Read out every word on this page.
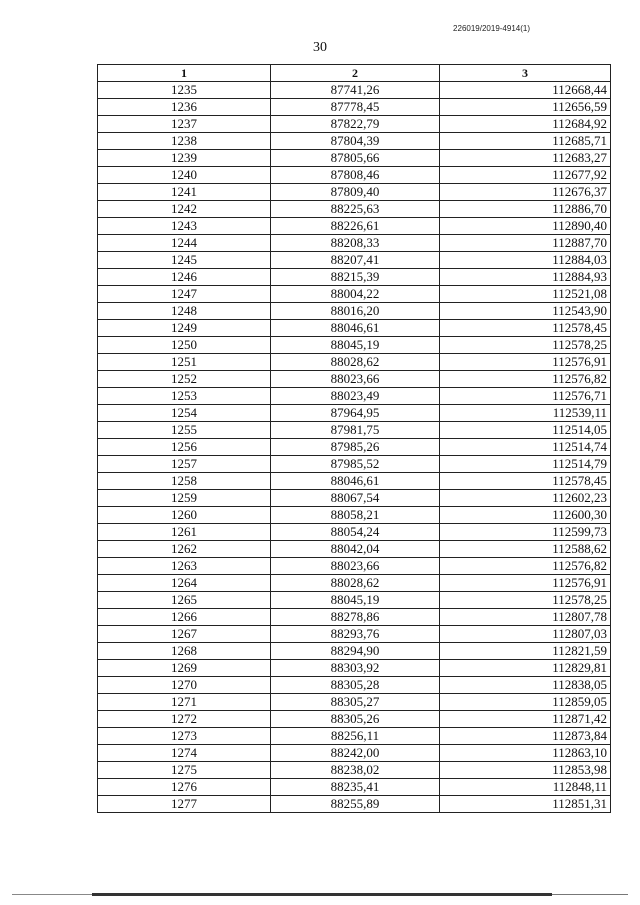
226019/2019-4914(1)
30
1	2	3
1235	87741,26	112668,44
1236	87778,45	112656,59
1237	87822,79	112684,92
1238	87804,39	112685,71
1239	87805,66	112683,27
1240	87808,46	112677,92
1241	87809,40	112676,37
1242	88225,63	112886,70
1243	88226,61	112890,40
1244	88208,33	112887,70
1245	88207,41	112884,03
1246	88215,39	112884,93
1247	88004,22	112521,08
1248	88016,20	112543,90
1249	88046,61	112578,45
1250	88045,19	112578,25
1251	88028,62	112576,91
1252	88023,66	112576,82
1253	88023,49	112576,71
1254	87964,95	112539,11
1255	87981,75	112514,05
1256	87985,26	112514,74
1257	87985,52	112514,79
1258	88046,61	112578,45
1259	88067,54	112602,23
1260	88058,21	112600,30
1261	88054,24	112599,73
1262	88042,04	112588,62
1263	88023,66	112576,82
1264	88028,62	112576,91
1265	88045,19	112578,25
1266	88278,86	112807,78
1267	88293,76	112807,03
1268	88294,90	112821,59
1269	88303,92	112829,81
1270	88305,28	112838,05
1271	88305,27	112859,05
1272	88305,26	112871,42
1273	88256,11	112873,84
1274	88242,00	112863,10
1275	88238,02	112853,98
1276	88235,41	112848,11
1277	88255,89	112851,31
